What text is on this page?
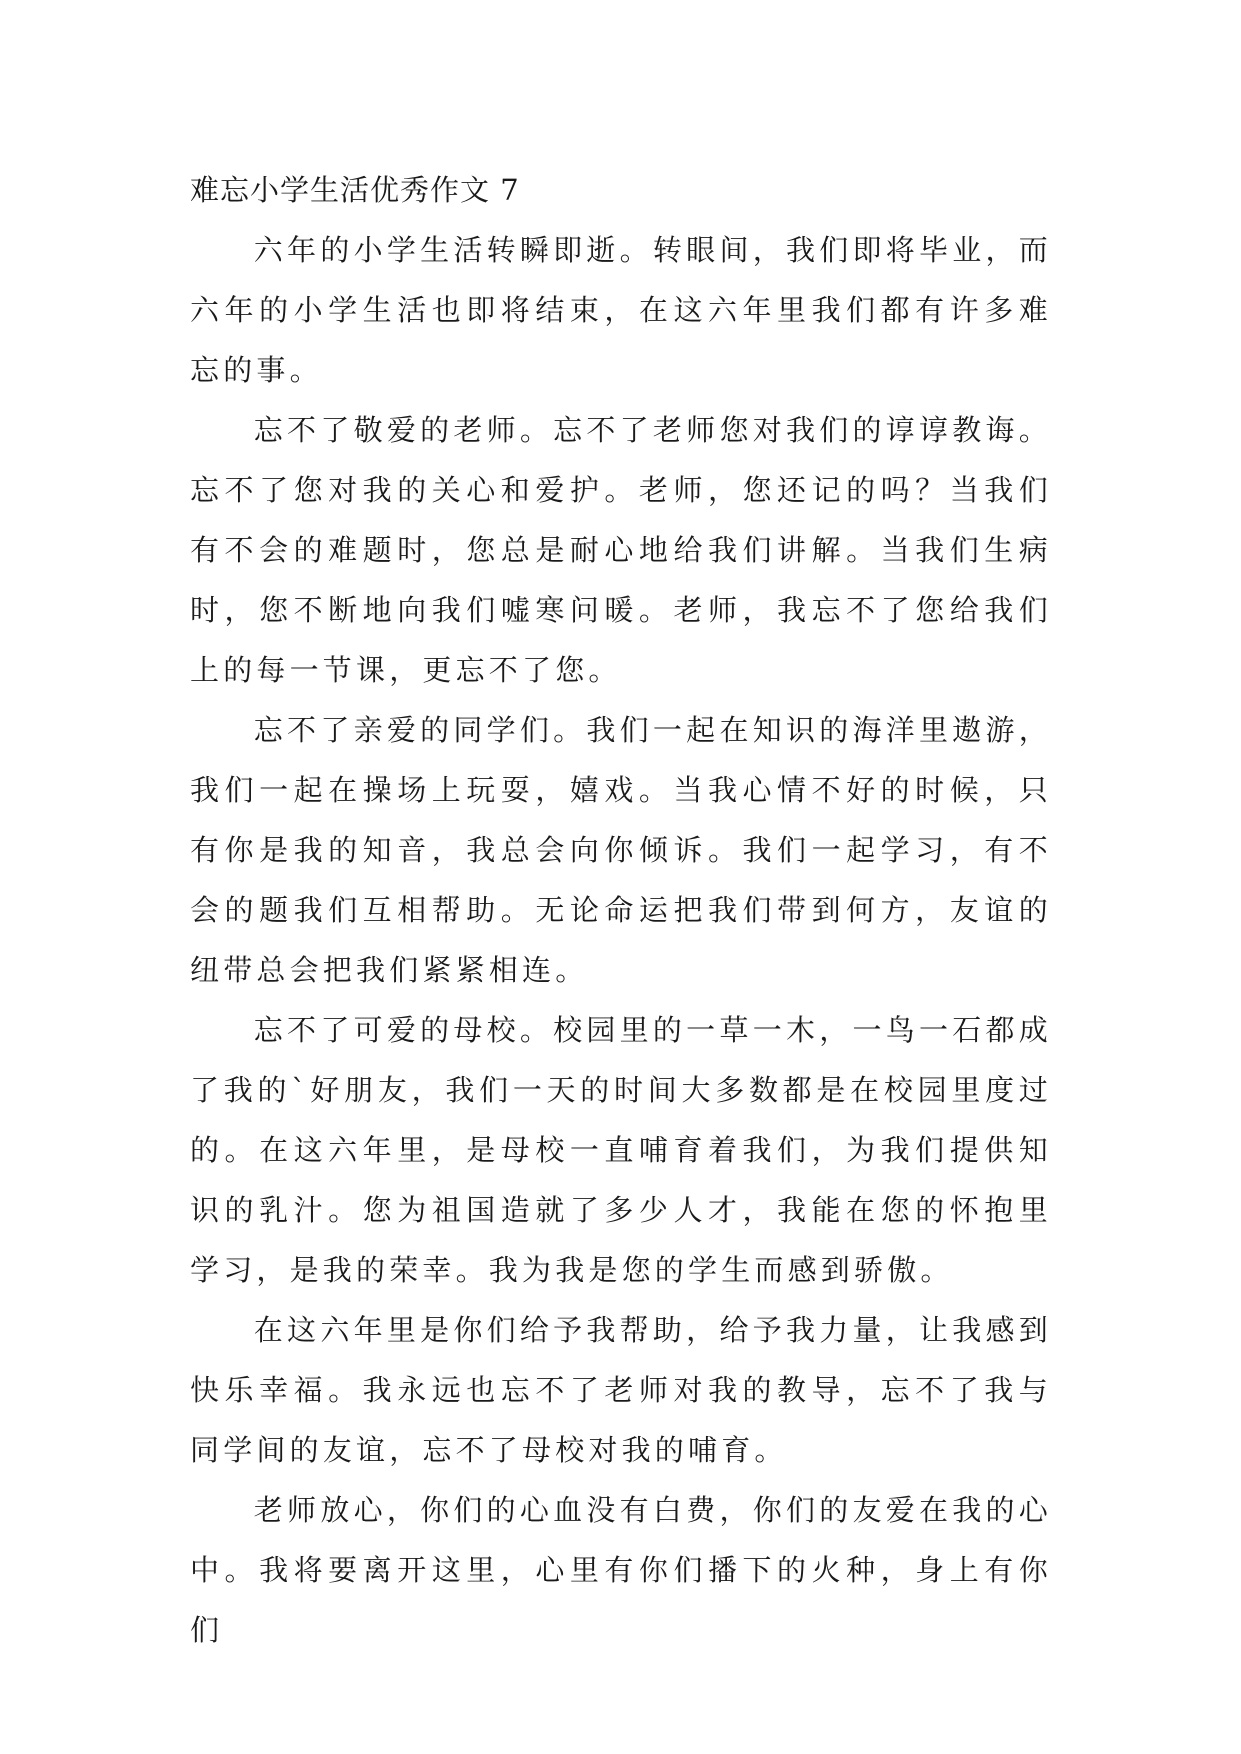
难忘小学生活优秀作文 7

六年的小学生活转瞬即逝。转眼间，我们即将毕业，而六年的小学生活也即将结束，在这六年里我们都有许多难忘的事。

忘不了敬爱的老师。忘不了老师您对我们的谆谆教诲。忘不了您对我的关心和爱护。老师，您还记的吗？当我们有不会的难题时，您总是耐心地给我们讲解。当我们生病时，您不断地向我们嘘寒问暖。老师，我忘不了您给我们上的每一节课，更忘不了您。

忘不了亲爱的同学们。我们一起在知识的海洋里遨游，我们一起在操场上玩耍，嬉戏。当我心情不好的时候，只有你是我的知音，我总会向你倾诉。我们一起学习，有不会的题我们互相帮助。无论命运把我们带到何方，友谊的纽带总会把我们紧紧相连。

忘不了可爱的母校。校园里的一草一木，一鸟一石都成了我的`好朋友，我们一天的时间大多数都是在校园里度过的。在这六年里，是母校一直哺育着我们，为我们提供知识的乳汁。您为祖国造就了多少人才，我能在您的怀抱里学习，是我的荣幸。我为我是您的学生而感到骄傲。

在这六年里是你们给予我帮助，给予我力量，让我感到快乐幸福。我永远也忘不了老师对我的教导，忘不了我与同学间的友谊，忘不了母校对我的哺育。

老师放心，你们的心血没有白费，你们的友爱在我的心中。我将要离开这里，心里有你们播下的火种，身上有你们
